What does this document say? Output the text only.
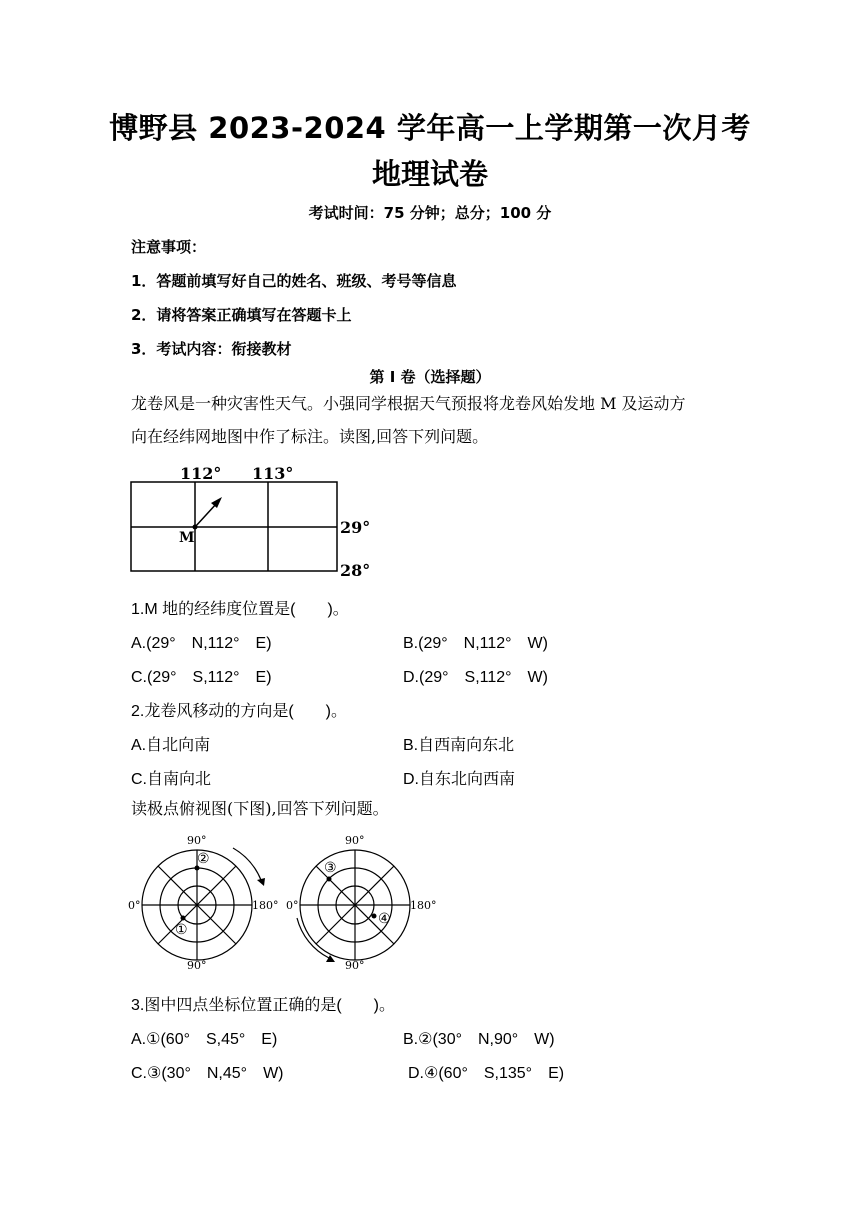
博野县 2023-2024 学年高一上学期第一次月考
地理试卷
考试时间：75 分钟；总分；100 分
注意事项：
1．答题前填写好自己的姓名、班级、考号等信息
2．请将答案正确填写在答题卡上
3．考试内容：衔接教材
第 I 卷（选择题）
龙卷风是一种灾害性天气。小强同学根据天气预报将龙卷风始发地 M 及运动方
向在经纬网地图中作了标注。读图,回答下列问题。
112° 113°
29°
28°
M
1.M 地的经纬度位置是(　　)。
A.(29°　N,112°　E)	B.(29°　N,112°　W)
C.(29°　S,112°　E)	D.(29°　S,112°　W)
2.龙卷风移动的方向是(　　)。
A.自北向南	B.自西南向东北
C.自南向北	D.自东北向西南
读极点俯视图(下图),回答下列问题。
90°
90°
0°	180°
②
①
90°
90°
0°	180°
③
④
3.图中四点坐标位置正确的是(　　)。
A.①(60°　S,45°　E)	B.②(30°　N,90°　W)
C.③(30°　N,45°　W)	D.④(60°　S,135°　E)
